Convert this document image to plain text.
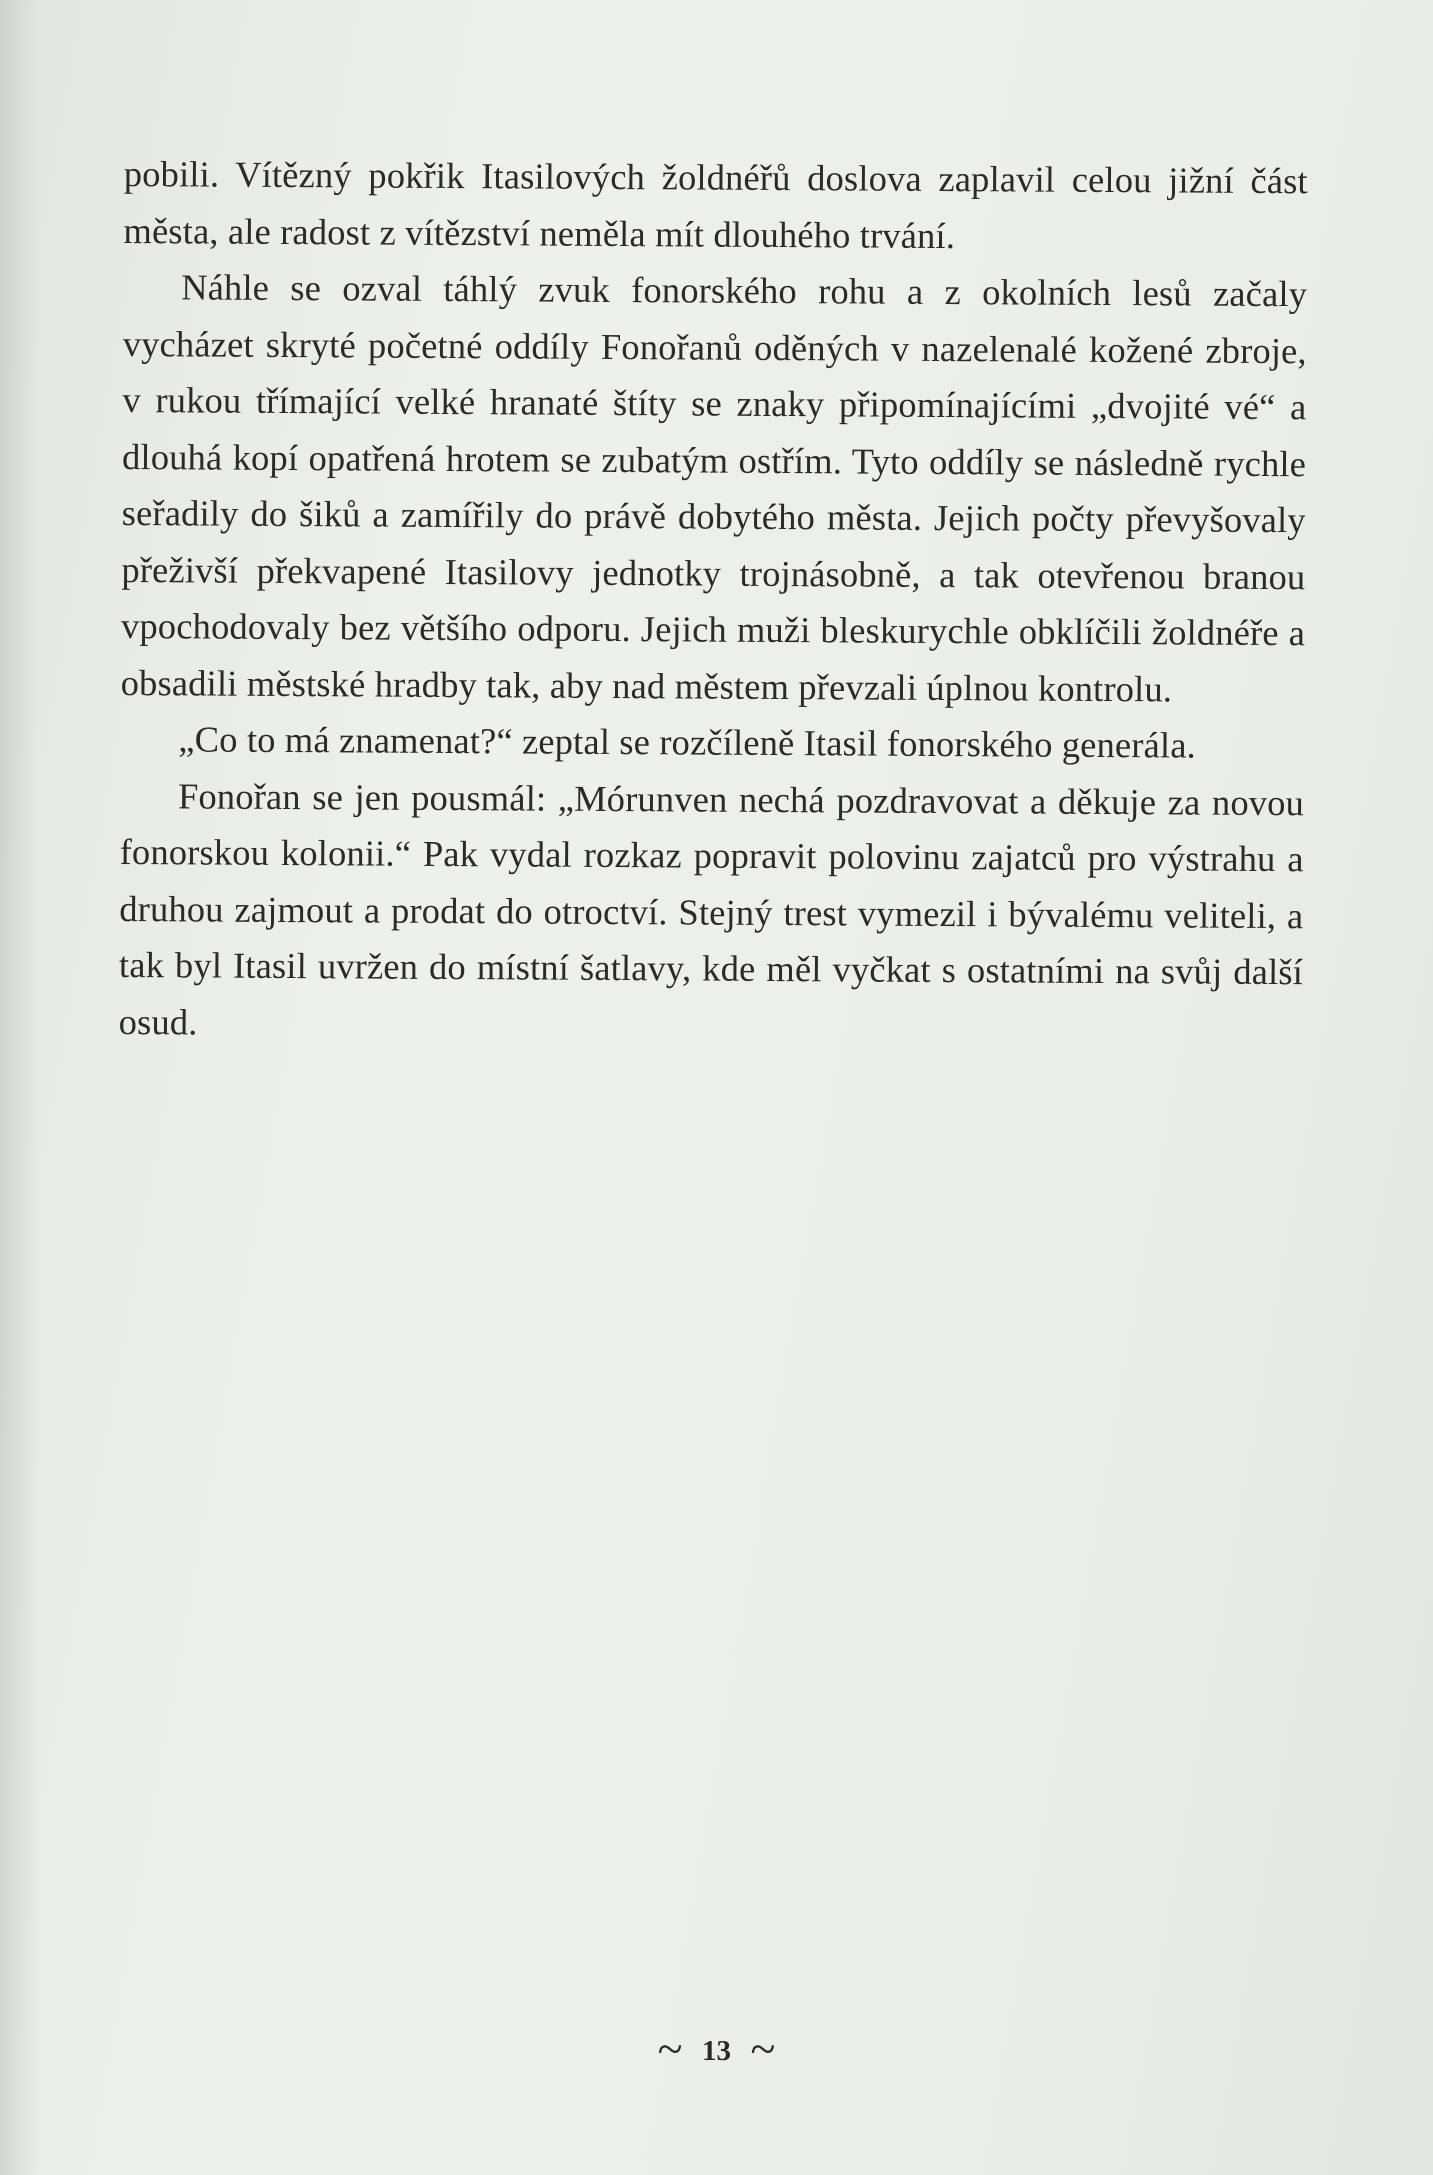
pobili. Vítězný pokřik Itasilových žoldnéřů doslova zaplavil celou jižní část města, ale radost z vítězství neměla mít dlouhého trvání.

Náhle se ozval táhlý zvuk fonorského rohu a z okolních lesů začaly vycházet skryté početné oddíly Fonořanů oděných v nazelenalé kožené zbroje, v rukou třímající velké hranaté štíty se znaky připomínajícími „dvojité vé“ a dlouhá kopí opatřená hrotem se zubatým ostřím. Tyto oddíly se následně rychle seřadily do šiků a zamířily do právě dobytého města. Jejich počty převyšovaly přeživší překvapené Itasilovy jednotky trojnásobně, a tak otevřenou branou vpochodovaly bez většího odporu. Jejich muži bleskurychle obklíčili žoldnéře a obsadili městské hradby tak, aby nad městem převzali úplnou kontrolu.

„Co to má znamenat?“ zeptal se rozčíleně Itasil fonorského generála.

Fonořan se jen pousmál: „Mórunven nechá pozdravovat a děkuje za novou fonorskou kolonii.“ Pak vydal rozkaz popravit polovinu zajatců pro výstrahu a druhou zajmout a prodat do otroctví. Stejný trest vymezil i bývalému veliteli, a tak byl Itasil uvržen do místní šatlavy, kde měl vyčkat s ostatními na svůj další osud.

~ 13 ~
